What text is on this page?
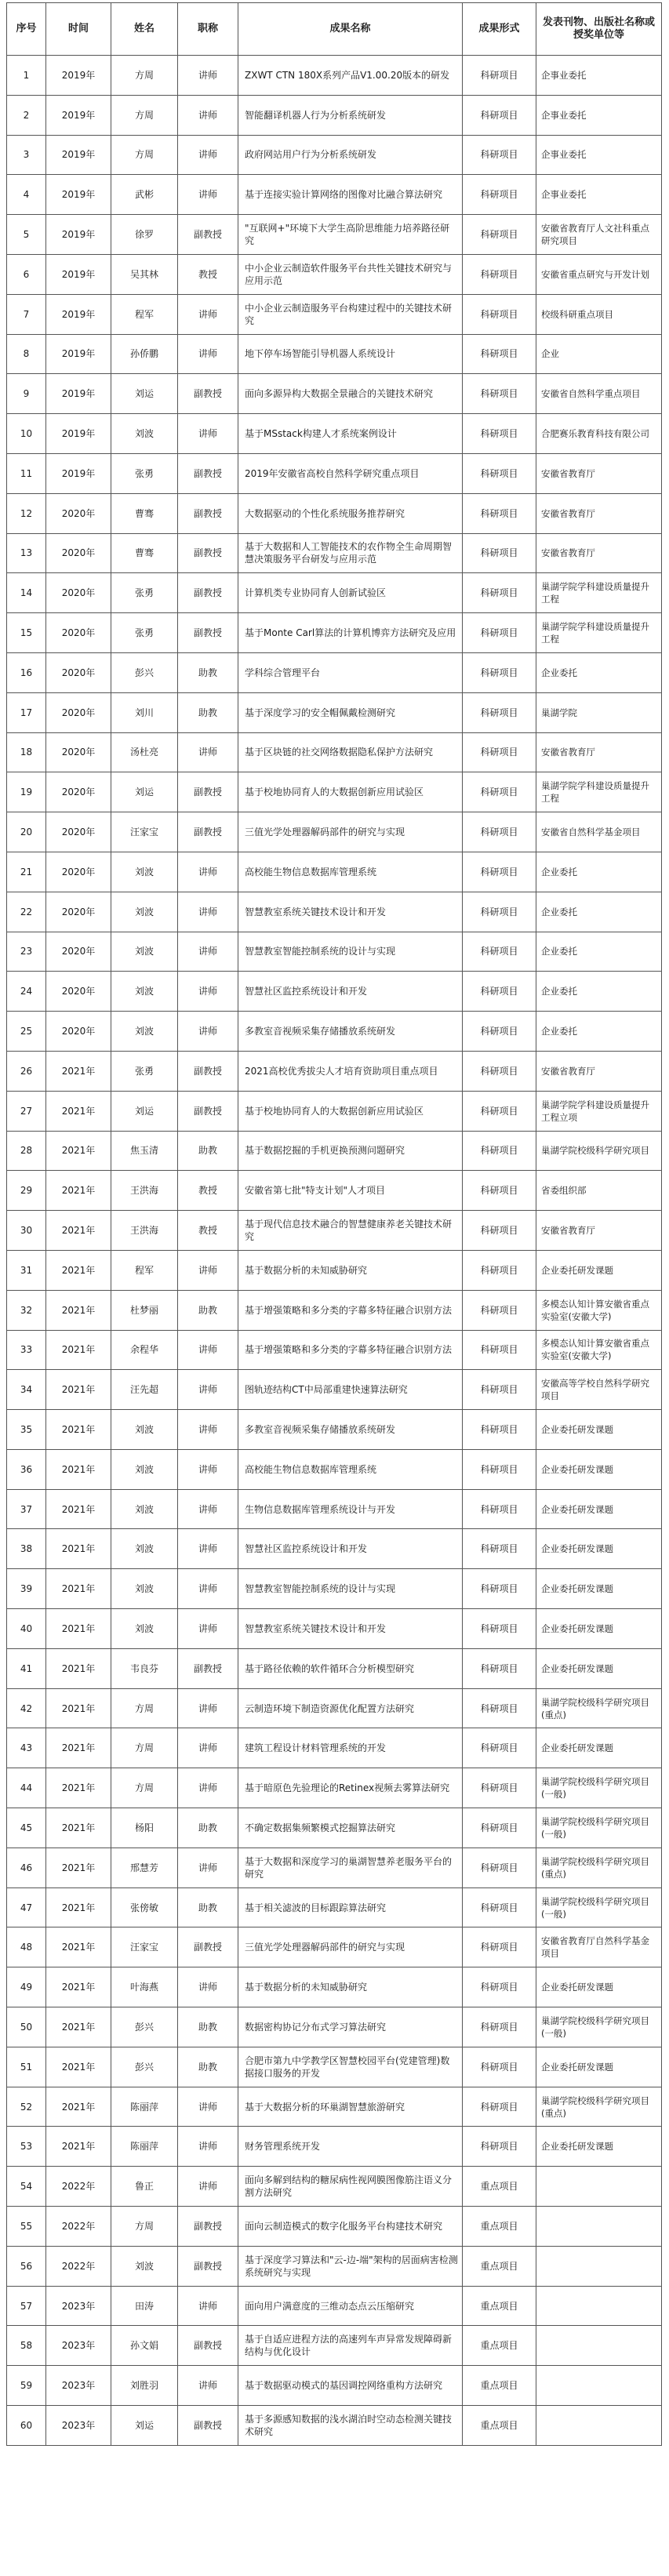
序号	时间	姓名	职称	成果名称	成果形式	发表刊物、出版社名称或授奖单位等
1	2019年	方周	讲师	ZXWT CTN 180X系列产品V1.00.20版本的研发	科研项目	企事业委托
2	2019年	方周	讲师	智能翻译机器人行为分析系统研发	科研项目	企事业委托
3	2019年	方周	讲师	政府网站用户行为分析系统研发	科研项目	企事业委托
4	2019年	武彬	讲师	基于连接实验计算网络的图像对比融合算法研究	科研项目	企事业委托
5	2019年	徐罗	副教授	"互联网+"环境下大学生高阶思维能力培养路径研究	科研项目	安徽省教育厅人文社科重点研究项目
6	2019年	吴其林	教授	中小企业云制造软件服务平台共性关键技术研究与应用示范	科研项目	安徽省重点研究与开发计划
7	2019年	程军	讲师	中小企业云制造服务平台构建过程中的关键技术研究	科研项目	校级科研重点项目
8	2019年	孙侨鹏	讲师	地下停车场智能引导机器人系统设计	科研项目	企业
9	2019年	刘运	副教授	面向多源异构大数据全景融合的关键技术研究	科研项目	安徽省自然科学重点项目
10	2019年	刘波	讲师	基于MSstack构建人才系统案例设计	科研项目	合肥赛乐教育科技有限公司
11	2019年	张勇	副教授	2019年安徽省高校自然科学研究重点项目	科研项目	安徽省教育厅
12	2020年	曹骞	副教授	大数据驱动的个性化系统服务推荐研究	科研项目	安徽省教育厅
13	2020年	曹骞	副教授	基于大数据和人工智能技术的农作物全生命周期智慧决策服务平台研发与应用示范	科研项目	安徽省教育厅
14	2020年	张勇	副教授	计算机类专业协同育人创新试验区	科研项目	巢湖学院学科建设质量提升工程
15	2020年	张勇	副教授	基于Monte Carl算法的计算机博弈方法研究及应用	科研项目	巢湖学院学科建设质量提升工程
16	2020年	彭兴	助教	学科综合管理平台	科研项目	企业委托
17	2020年	刘川	助教	基于深度学习的安全帽佩戴检测研究	科研项目	巢湖学院
18	2020年	汤杜亮	讲师	基于区块链的社交网络数据隐私保护方法研究	科研项目	安徽省教育厅
19	2020年	刘运	副教授	基于校地协同育人的大数据创新应用试验区	科研项目	巢湖学院学科建设质量提升工程
20	2020年	汪家宝	副教授	三值光学处理器解码部件的研究与实现	科研项目	安徽省自然科学基金项目
21	2020年	刘波	讲师	高校能生物信息数据库管理系统	科研项目	企业委托
22	2020年	刘波	讲师	智慧教室系统关键技术设计和开发	科研项目	企业委托
23	2020年	刘波	讲师	智慧教室智能控制系统的设计与实现	科研项目	企业委托
24	2020年	刘波	讲师	智慧社区监控系统设计和开发	科研项目	企业委托
25	2020年	刘波	讲师	多教室音视频采集存储播放系统研发	科研项目	企业委托
26	2021年	张勇	副教授	2021高校优秀拔尖人才培育资助项目重点项目	科研项目	安徽省教育厅
27	2021年	刘运	副教授	基于校地协同育人的大数据创新应用试验区	科研项目	巢湖学院学科建设质量提升工程立项
28	2021年	焦玉清	助教	基于数据挖掘的手机更换预测问题研究	科研项目	巢湖学院校级科学研究项目
29	2021年	王洪海	教授	安徽省第七批"特支计划"人才项目	科研项目	省委组织部
30	2021年	王洪海	教授	基于现代信息技术融合的智慧健康养老关键技术研究	科研项目	安徽省教育厅
31	2021年	程军	讲师	基于数据分析的未知威胁研究	科研项目	企业委托研发课题
32	2021年	杜梦丽	助教	基于增强策略和多分类的字幕多特征融合识别方法	科研项目	多模态认知计算安徽省重点实验室(安徽大学)
33	2021年	余程华	讲师	基于增强策略和多分类的字幕多特征融合识别方法	科研项目	多模态认知计算安徽省重点实验室(安徽大学)
34	2021年	汪先超	讲师	图轨迹结构CT中局部重建快速算法研究	科研项目	安徽高等学校自然科学研究项目
35	2021年	刘波	讲师	多教室音视频采集存储播放系统研发	科研项目	企业委托研发课题
36	2021年	刘波	讲师	高校能生物信息数据库管理系统	科研项目	企业委托研发课题
37	2021年	刘波	讲师	生物信息数据库管理系统设计与开发	科研项目	企业委托研发课题
38	2021年	刘波	讲师	智慧社区监控系统设计和开发	科研项目	企业委托研发课题
39	2021年	刘波	讲师	智慧教室智能控制系统的设计与实现	科研项目	企业委托研发课题
40	2021年	刘波	讲师	智慧教室系统关键技术设计和开发	科研项目	企业委托研发课题
41	2021年	韦良芬	副教授	基于路径依赖的软件循环合分析模型研究	科研项目	企业委托研发课题
42	2021年	方周	讲师	云制造环境下制造资源优化配置方法研究	科研项目	巢湖学院校级科学研究项目(重点)
43	2021年	方周	讲师	建筑工程设计材料管理系统的开发	科研项目	企业委托研发课题
44	2021年	方周	讲师	基于暗原色先验理论的Retinex视频去雾算法研究	科研项目	巢湖学院校级科学研究项目(一般)
45	2021年	杨阳	助教	不确定数据集频繁模式挖掘算法研究	科研项目	巢湖学院校级科学研究项目(一般)
46	2021年	邢慧芳	讲师	基于大数据和深度学习的巢湖智慧养老服务平台的研究	科研项目	巢湖学院校级科学研究项目(重点)
47	2021年	张傍敏	助教	基于相关滤波的目标跟踪算法研究	科研项目	巢湖学院校级科学研究项目(一般)
48	2021年	汪家宝	副教授	三值光学处理器解码部件的研究与实现	科研项目	安徽省教育厅自然科学基金项目
49	2021年	叶海燕	讲师	基于数据分析的未知威胁研究	科研项目	企业委托研发课题
50	2021年	彭兴	助教	数据密构协记分布式学习算法研究	科研项目	巢湖学院校级科学研究项目(一般)
51	2021年	彭兴	助教	合肥市第九中学教学区智慧校园平台(党建管理)数据接口服务的开发	科研项目	企业委托研发课题
52	2021年	陈丽萍	讲师	基于大数据分析的环巢湖智慧旅游研究	科研项目	巢湖学院校级科学研究项目(重点)
53	2021年	陈丽萍	讲师	财务管理系统开发	科研项目	企业委托研发课题
54	2022年	鲁正	讲师	面向多解到结构的糖尿病性视网膜图像筋注语义分割方法研究	重点项目	
55	2022年	方周	副教授	面向云制造模式的数字化服务平台构建技术研究	重点项目	
56	2022年	刘波	副教授	基于深度学习算法和"云-边-端"架构的居面病害检测系统研究与实现	重点项目	
57	2023年	田涛	讲师	面向用户满意度的三维动态点云压缩研究	重点项目	
58	2023年	孙文娟	副教授	基于自适应进程方法的高速列车声异常发规障碍新结构与优化设计	重点项目	
59	2023年	刘胜羽	讲师	基于数据驱动模式的基因调控网络重构方法研究	重点项目	
60	2023年	刘运	副教授	基于多源感知数据的浅水湖泊时空动态检测关键技术研究	重点项目	
